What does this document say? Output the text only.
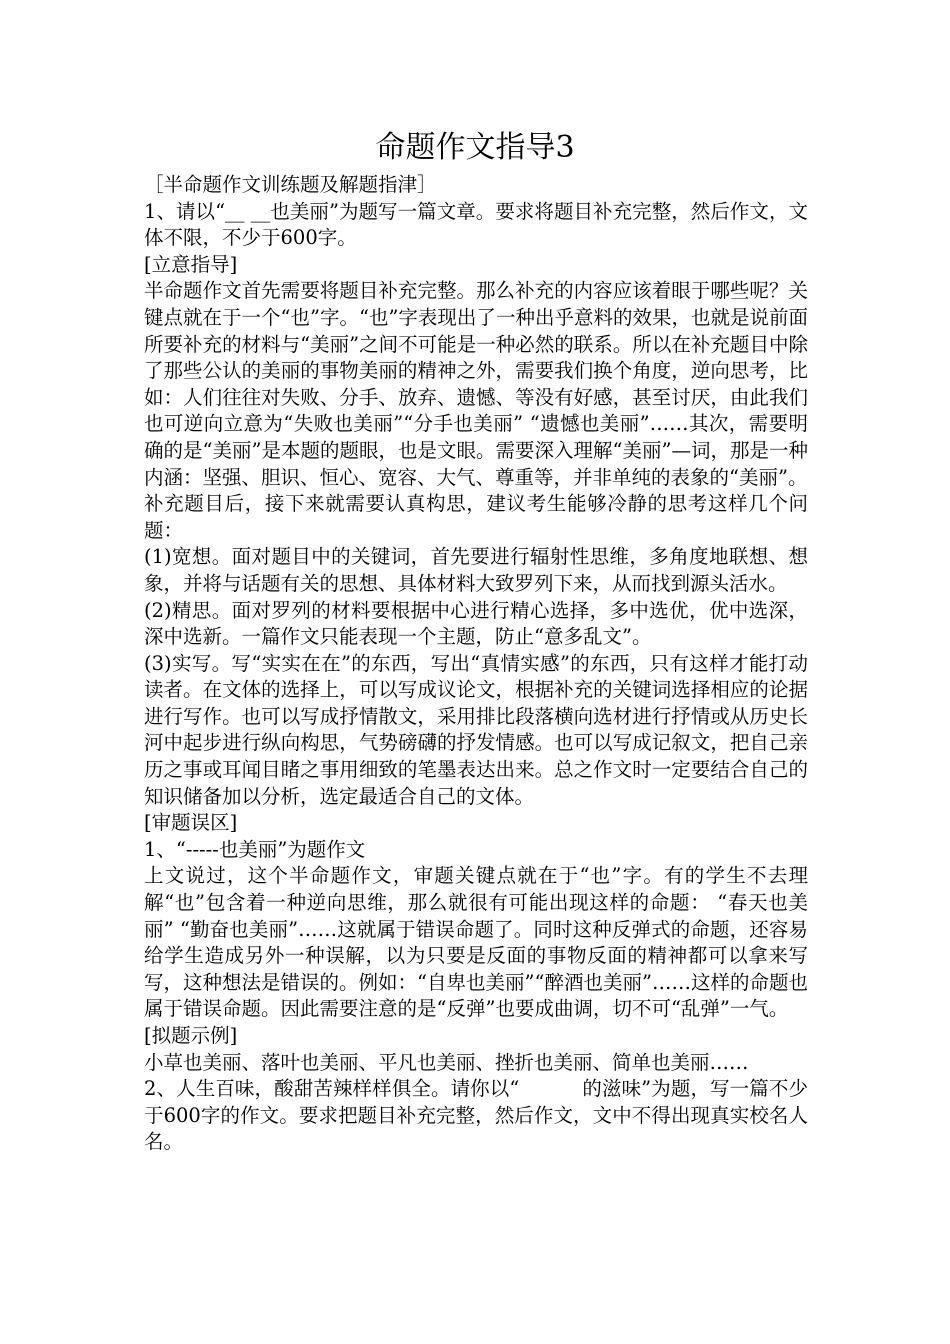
命题作文指导3

［半命题作文训练题及解题指津］

1、请以“__ __也美丽”为题写一篇文章。要求将题目补充完整，然后作文，文体不限，不少于600字。

[立意指导]

半命题作文首先需要将题目补充完整。那么补充的内容应该着眼于哪些呢？关键点就在于一个“也”字。“也”字表现出了一种出乎意料的效果，也就是说前面所要补充的材料与“美丽”之间不可能是一种必然的联系。所以在补充题目中除了那些公认的美丽的事物美丽的精神之外，需要我们换个角度，逆向思考，比如：人们往往对失败、分手、放弃、遗憾、等没有好感，甚至讨厌，由此我们也可逆向立意为“失败也美丽”“分手也美丽” “遗憾也美丽”……其次，需要明确的是“美丽”是本题的题眼，也是文眼。需要深入理解“美丽”—词，那是一种内涵：坚强、胆识、恒心、宽容、大气、尊重等，并非单纯的表象的“美丽”。

补充题目后，接下来就需要认真构思，建议考生能够冷静的思考这样几个问题：

(1)宽想。面对题目中的关键词，首先要进行辐射性思维，多角度地联想、想象，并将与话题有关的思想、具体材料大致罗列下来，从而找到源头活水。

(2)精思。面对罗列的材料要根据中心进行精心选择，多中选优，优中选深，深中选新。一篇作文只能表现一个主题，防止“意多乱文”。

(3)实写。写“实实在在”的东西，写出“真情实感”的东西，只有这样才能打动读者。在文体的选择上，可以写成议论文，根据补充的关键词选择相应的论据进行写作。也可以写成抒情散文，采用排比段落横向选材进行抒情或从历史长河中起步进行纵向构思，气势磅礴的抒发情感。也可以写成记叙文，把自己亲历之事或耳闻目睹之事用细致的笔墨表达出来。总之作文时一定要结合自己的知识储备加以分析，选定最适合自己的文体。

[审题误区]

1、“-----也美丽”为题作文

上文说过，这个半命题作文，审题关键点就在于“也”字。有的学生不去理解“也”包含着一种逆向思维，那么就很有可能出现这样的命题： “春天也美丽” “勤奋也美丽”……这就属于错误命题了。同时这种反弹式的命题，还容易给学生造成另外一种误解，以为只要是反面的事物反面的精神都可以拿来写写，这种想法是错误的。例如：“自卑也美丽”“醉酒也美丽”……这样的命题也属于错误命题。因此需要注意的是“反弹”也要成曲调，切不可“乱弹”一气。

[拟题示例]

小草也美丽、落叶也美丽、平凡也美丽、挫折也美丽、简单也美丽……

2、人生百味，酸甜苦辣样样俱全。请你以“          的滋味”为题，写一篇不少于600字的作文。要求把题目补充完整，然后作文，文中不得出现真实校名人名。
